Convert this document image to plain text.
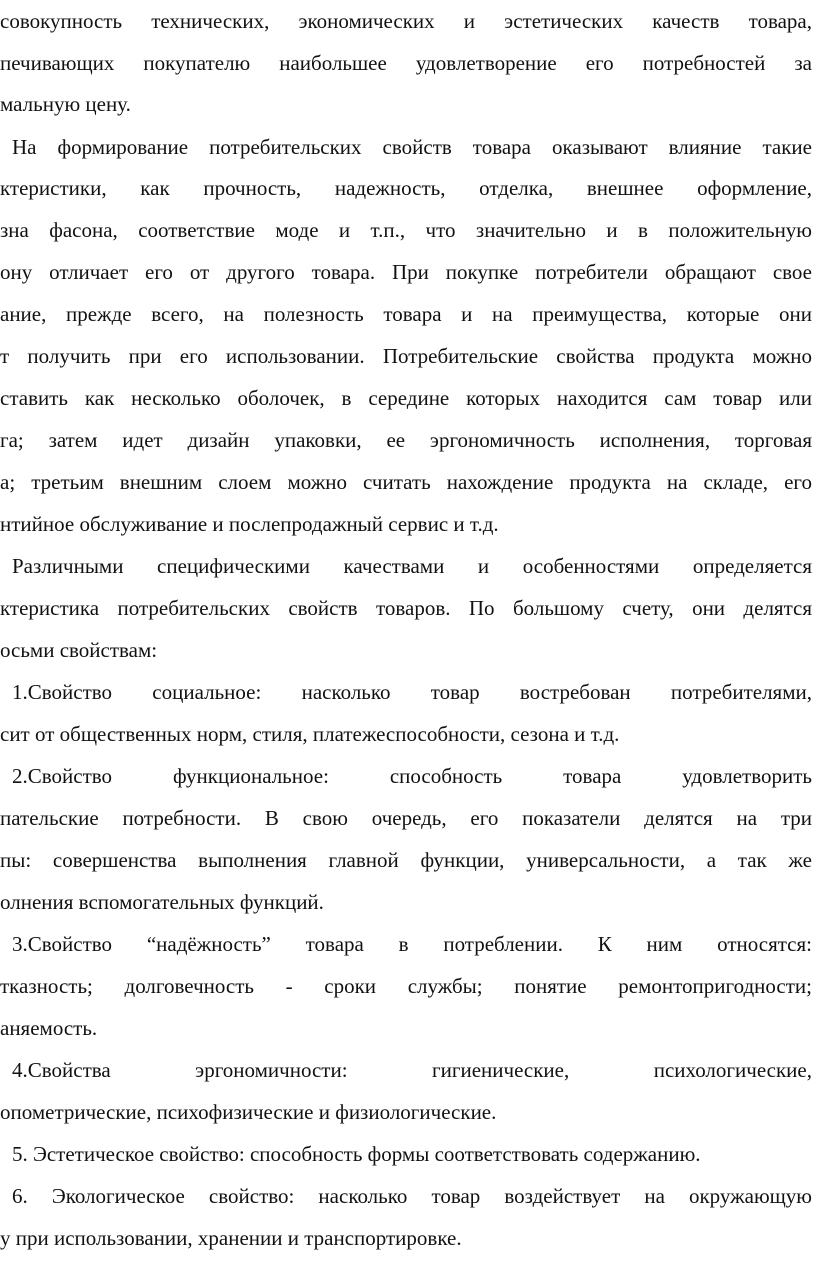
совокупность технических, экономических и эстетических качеств товара,
печивающих покупателю наибольшее удовлетворение его потребностей за
мальную цену.
На формирование потребительских свойств товара оказывают влияние такие
ктеристики, как прочность, надежность, отделка, внешнее оформление,
зна фасона, соответствие моде и т.п., что значительно и в положительную
ону отличает его от другого товара. При покупке потребители обращают свое
ание, прежде всего, на полезность товара и на преимущества, которые они
т получить при его использовании. Потребительские свойства продукта можно
ставить как несколько оболочек, в середине которых находится сам товар или
га; затем идет дизайн упаковки, ее эргономичность исполнения, торговая
а; третьим внешним слоем можно считать нахождение продукта на складе, его
нтийное обслуживание и послепродажный сервис и т.д.
Различными специфическими качествами и особенностями определяется
ктеристика потребительских свойств товаров. По большому счету, они делятся
осьми свойствам:
1.Свойство социальное: насколько товар востребован потребителями,
сит от общественных норм, стиля, платежеспособности, сезона и т.д.
2.Свойство функциональное: способность товара удовлетворить
пательские потребности. В свою очередь, его показатели делятся на три
пы: совершенства выполнения главной функции, универсальности, а так же
олнения вспомогательных функций.
3.Свойство “надёжность” товара в потреблении. К ним относятся:
тказность; долговечность - сроки службы; понятие ремонтопригодности;
аняемость.
4.Свойства эргономичности: гигиенические, психологические,
опометрические, психофизические и физиологические.
5. Эстетическое свойство: способность формы соответствовать содержанию.
6. Экологическое свойство: насколько товар воздействует на окружающую
у при использовании, хранении и транспортировке.
